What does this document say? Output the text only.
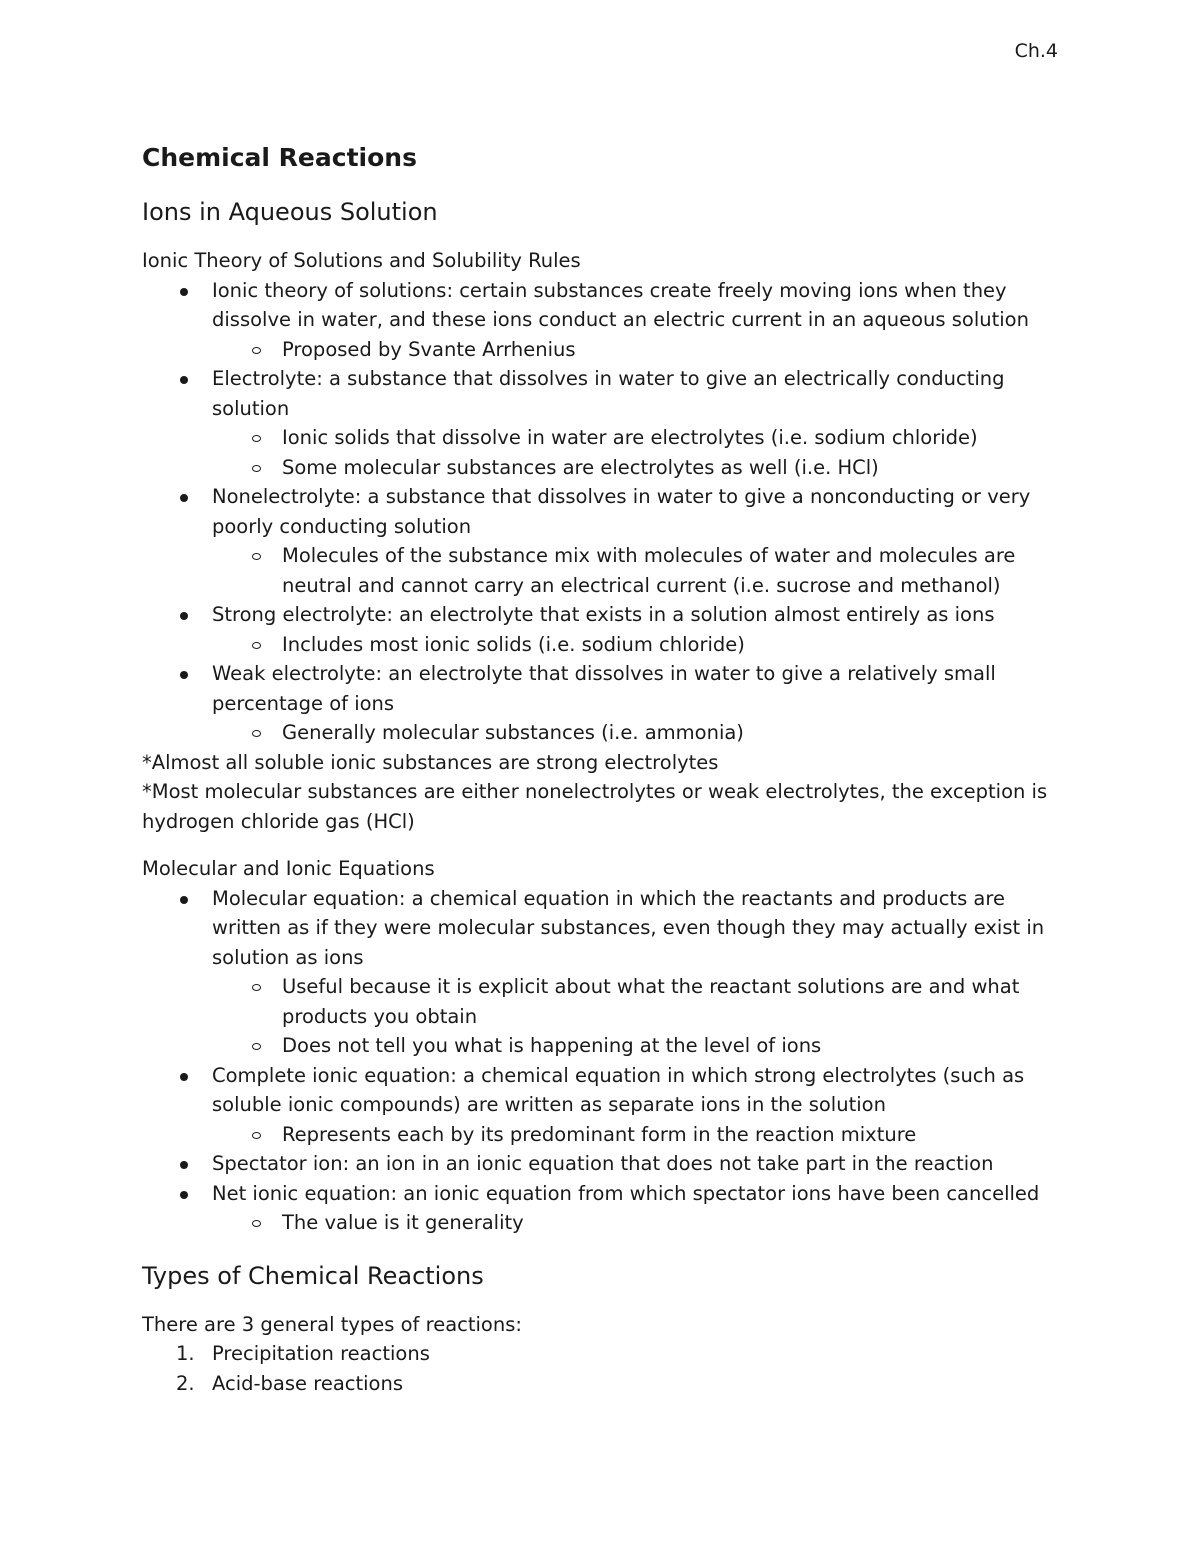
Ch.4
Chemical Reactions
Ions in Aqueous Solution

Ionic Theory of Solutions and Solubility Rules

Ionic theory of solutions: certain substances create freely moving ions when they dissolve in water, and these ions conduct an electric current in an aqueous solution
Proposed by Svante Arrhenius
Electrolyte: a substance that dissolves in water to give an electrically conducting solution
Ionic solids that dissolve in water are electrolytes (i.e. sodium chloride)
Some molecular substances are electrolytes as well (i.e. HCl)
Nonelectrolyte: a substance that dissolves in water to give a nonconducting or very poorly conducting solution
Molecules of the substance mix with molecules of water and molecules are neutral and cannot carry an electrical current (i.e. sucrose and methanol)
Strong electrolyte: an electrolyte that exists in a solution almost entirely as ions
Includes most ionic solids (i.e. sodium chloride)
Weak electrolyte: an electrolyte that dissolves in water to give a relatively small percentage of ions
Generally molecular substances (i.e. ammonia)

*Almost all soluble ionic substances are strong electrolytes

*Most molecular substances are either nonelectrolytes or weak electrolytes, the exception is hydrogen chloride gas (HCl)

Molecular and Ionic Equations

Molecular equation: a chemical equation in which the reactants and products are written as if they were molecular substances, even though they may actually exist in solution as ions
Useful because it is explicit about what the reactant solutions are and what products you obtain
Does not tell you what is happening at the level of ions
Complete ionic equation: a chemical equation in which strong electrolytes (such as soluble ionic compounds) are written as separate ions in the solution
Represents each by its predominant form in the reaction mixture
Spectator ion: an ion in an ionic equation that does not take part in the reaction
Net ionic equation: an ionic equation from which spectator ions have been cancelled
The value is it generality
Types of Chemical Reactions

There are 3 general types of reactions:

1. Precipitation reactions
2. Acid-base reactions
